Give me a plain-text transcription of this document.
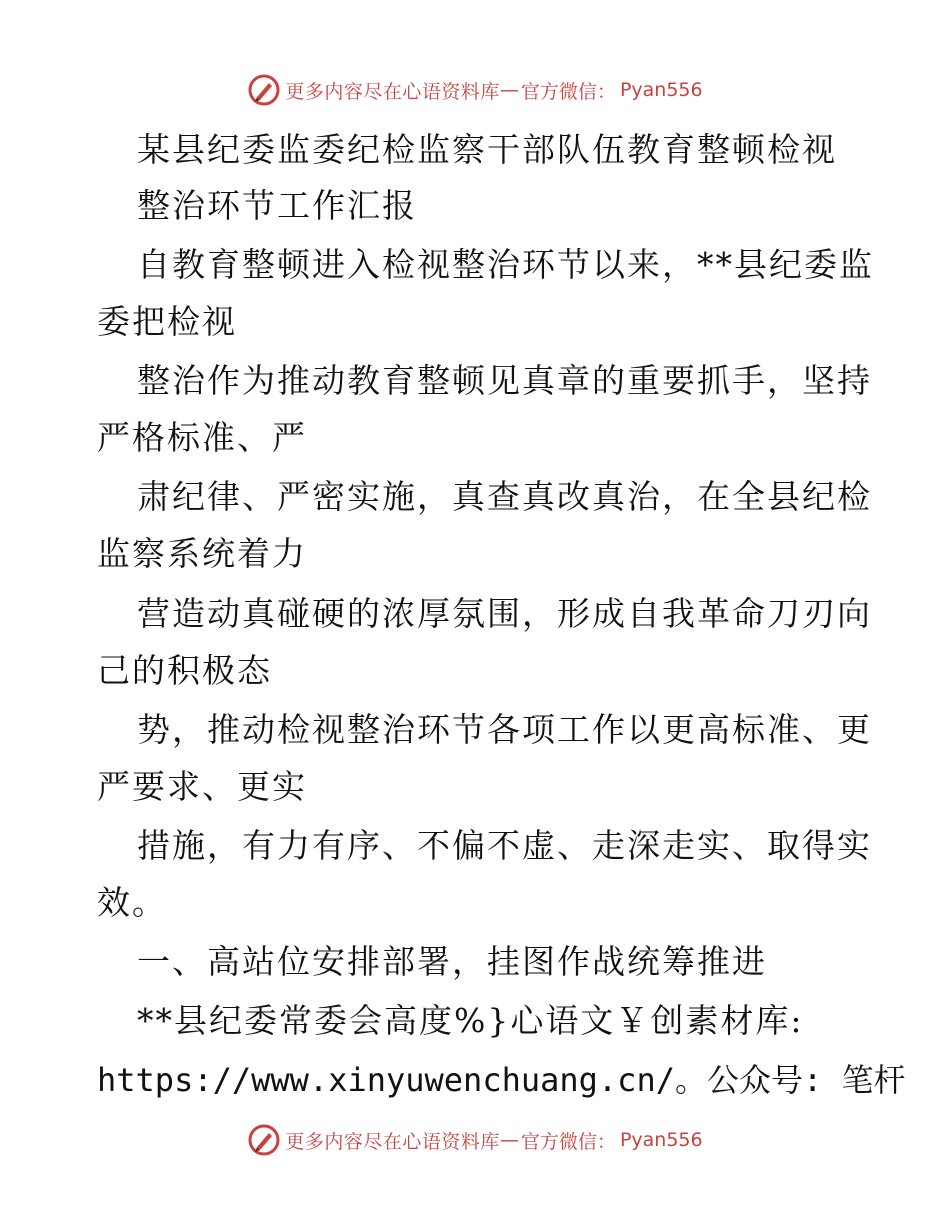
更多内容尽在心语资料库 — 官方微信： Pyan556
某县纪委监委纪检监察干部队伍教育整顿检视
整治环节工作汇报
自教育整顿进入检视整治环节以来，**县纪委监
委把检视
整治作为推动教育整顿见真章的重要抓手，坚持
严格标准、严
肃纪律、严密实施，真查真改真治，在全县纪检
监察系统着力
营造动真碰硬的浓厚氛围，形成自我革命刀刃向
己的积极态
势，推动检视整治环节各项工作以更高标准、更
严要求、更实
措施，有力有序、不偏不虚、走深走实、取得实
效。
一、高站位安排部署，挂图作战统筹推进
**县纪委常委会高度%}心语文￥创素材库:
https://www.xinyuwenchuang.cn/。公众号: 笔杆
更多内容尽在心语资料库 — 官方微信： Pyan556
